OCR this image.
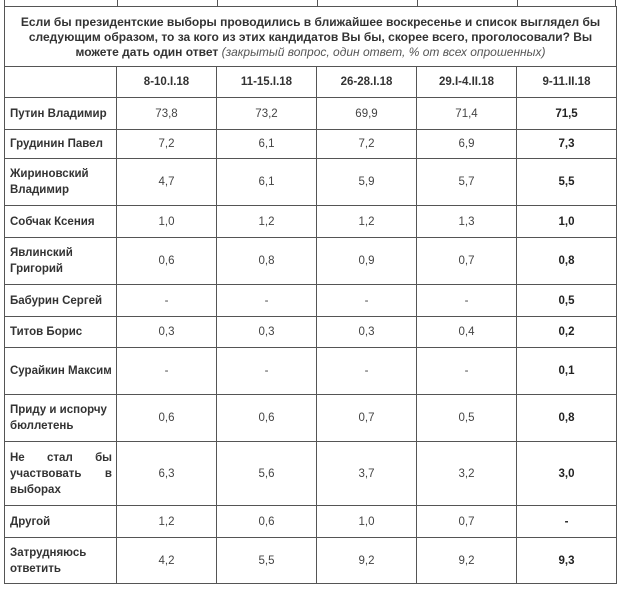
Если бы президентские выборы проводились в ближайшее воскресенье и список выглядел бы следующим образом, то за кого из этих кандидатов Вы бы, скорее всего, проголосовали? Вы можете дать один ответ (закрытый вопрос, один ответ, % от всех опрошенных)					
	8-10.I.18	11-15.I.18	26-28.I.18	29.I-4.II.18	9-11.II.18
Путин Владимир	73,8	73,2	69,9	71,4	71,5
Грудинин Павел	7,2	6,1	7,2	6,9	7,3
Жириновский Владимир	4,7	6,1	5,9	5,7	5,5
Собчак Ксения	1,0	1,2	1,2	1,3	1,0
Явлинский Григорий	0,6	0,8	0,9	0,7	0,8
Бабурин Сергей	-	-	-	-	0,5
Титов Борис	0,3	0,3	0,3	0,4	0,2
Сурайкин Максим	-	-	-	-	0,1
Приду и испорчу бюллетень	0,6	0,6	0,7	0,5	0,8
Не стал бы участвовать в выборах	6,3	5,6	3,7	3,2	3,0
Другой	1,2	0,6	1,0	0,7	-
Затрудняюсь ответить	4,2	5,5	9,2	9,2	9,3
